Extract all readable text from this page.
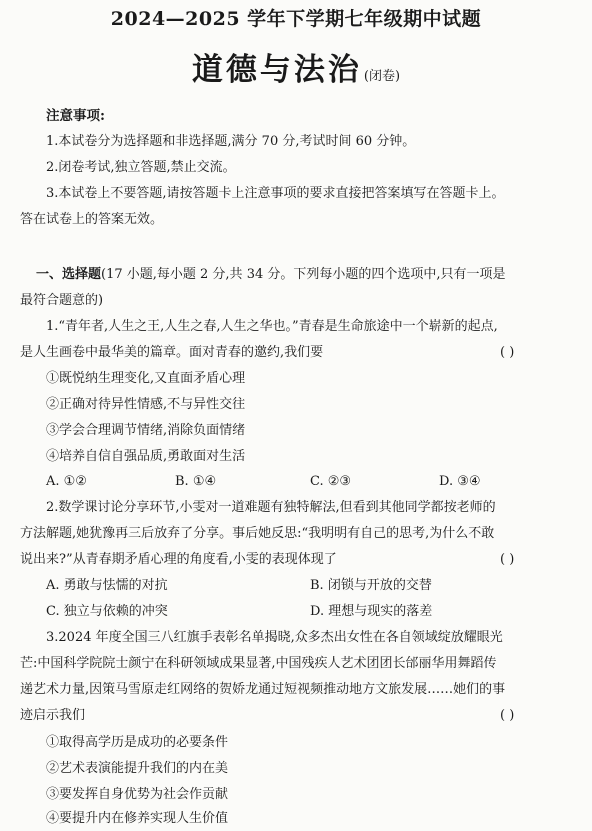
2024—2025 学年下学期七年级期中试题
道德与法治 (闭卷)
注意事项:
1.本试卷分为选择题和非选择题,满分 70 分,考试时间 60 分钟。
2.闭卷考试,独立答题,禁止交流。
3.本试卷上不要答题,请按答题卡上注意事项的要求直接把答案填写在答题卡上。
答在试卷上的答案无效。
一、选择题(17 小题,每小题 2 分,共 34 分。下列每小题的四个选项中,只有一项是
最符合题意的)
1.“青年者,人生之王,人生之春,人生之华也。”青春是生命旅途中一个崭新的起点,
是人生画卷中最华美的篇章。面对青春的邀约,我们要	( )
①既悦纳生理变化,又直面矛盾心理
②正确对待异性情感,不与异性交往
③学会合理调节情绪,消除负面情绪
④培养自信自强品质,勇敢面对生活
A. ①②	B. ①④	C. ②③	D. ③④
2.数学课讨论分享环节,小雯对一道难题有独特解法,但看到其他同学都按老师的
方法解题,她犹豫再三后放弃了分享。事后她反思:“我明明有自己的思考,为什么不敢
说出来?”从青春期矛盾心理的角度看,小雯的表现体现了	( )
A. 勇敢与怯懦的对抗	B. 闭锁与开放的交替
C. 独立与依赖的冲突	D. 理想与现实的落差
3.2024 年度全国三八红旗手表彰名单揭晓,众多杰出女性在各自领域绽放耀眼光
芒:中国科学院院士颜宁在科研领域成果显著,中国残疾人艺术团团长邰丽华用舞蹈传
递艺术力量,因策马雪原走红网络的贺娇龙通过短视频推动地方文旅发展……她们的事
迹启示我们	( )
①取得高学历是成功的必要条件
②艺术表演能提升我们的内在美
③要发挥自身优势为社会作贡献
④要提升内在修养实现人生价值
